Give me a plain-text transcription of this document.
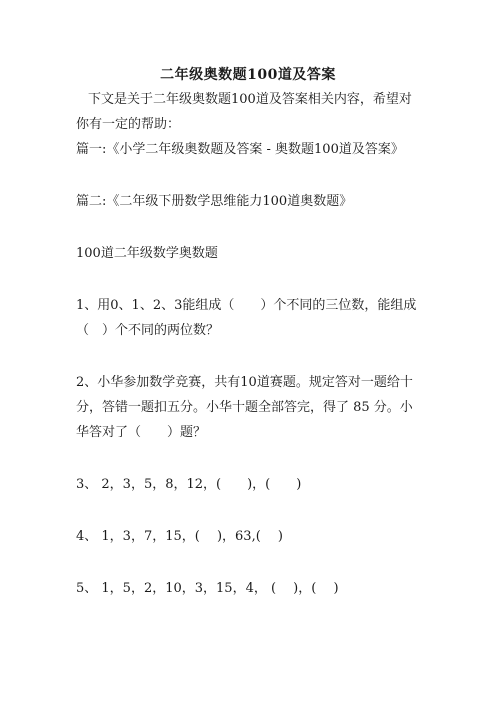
二年级奥数题100道及答案
下文是关于二年级奥数题100道及答案相关内容，希望对
你有一定的帮助：
篇一:《小学二年级奥数题及答案 - 奥数题100道及答案》
篇二:《二年级下册数学思维能力100道奥数题》
100道二年级数学奥数题
1、用0、1、2、3能组成（　　）个不同的三位数，能组成
（　）个不同的两位数？
2、小华参加数学竞赛，共有10道赛题。规定答对一题给十
分，答错一题扣五分。小华十题全部答完，得了 85 分。小
华答对了（　　）题？
3、 2，3，5，8，12，(　　)，(　　)
4、 1，3，7，15，(　 )，63,(　 )
5、 1，5，2，10，3，15，4， (　 )，(　 )
